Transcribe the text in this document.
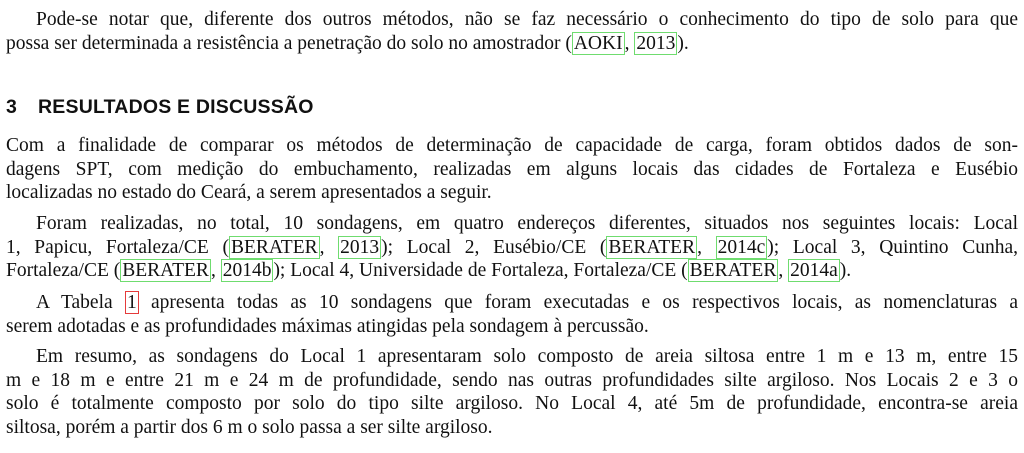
Pode-se notar que, diferente dos outros métodos, não se faz necessário o conhecimento do tipo de solo para que
possa ser determinada a resistência a penetração do solo no amostrador ( AOKI , 2013 ).
3 RESULTADOS E DISCUSSÃO
Com a finalidade de comparar os métodos de determinação de capacidade de carga, foram obtidos dados de son-
dagens SPT, com medição do embuchamento, realizadas em alguns locais das cidades de Fortaleza e Eusébio
localizadas no estado do Ceará, a serem apresentados a seguir.
Foram realizadas, no total, 10 sondagens, em quatro endereços diferentes, situados nos seguintes locais: Local
1, Papicu, Fortaleza/CE ( BERATER , 2013 ); Local 2, Eusébio/CE ( BERATER , 2014c ); Local 3, Quintino Cunha,
Fortaleza/CE ( BERATER , 2014b ); Local 4, Universidade de Fortaleza, Fortaleza/CE ( BERATER , 2014a ).
A Tabela 1 apresenta todas as 10 sondagens que foram executadas e os respectivos locais, as nomenclaturas a
serem adotadas e as profundidades máximas atingidas pela sondagem à percussão.
Em resumo, as sondagens do Local 1 apresentaram solo composto de areia siltosa entre 1 m e 13 m, entre 15
m e 18 m e entre 21 m e 24 m de profundidade, sendo nas outras profundidades silte argiloso. Nos Locais 2 e 3 o
solo é totalmente composto por solo do tipo silte argiloso. No Local 4, até 5m de profundidade, encontra-se areia
siltosa, porém a partir dos 6 m o solo passa a ser silte argiloso.
